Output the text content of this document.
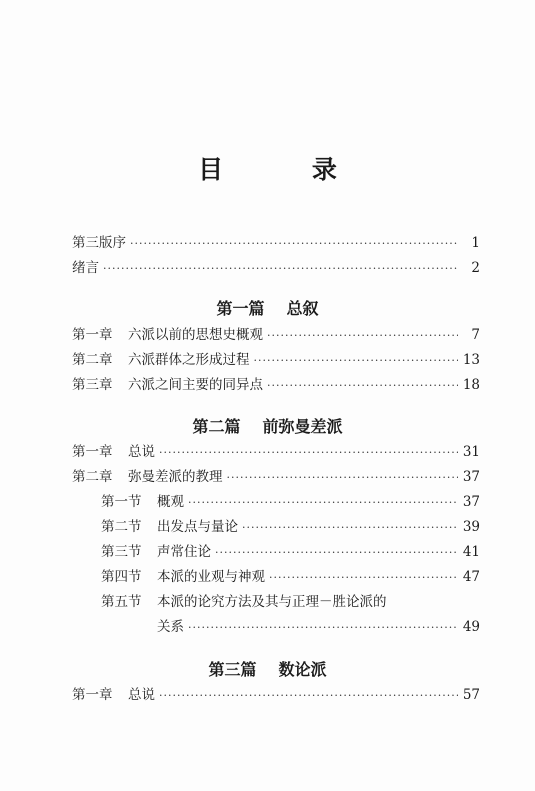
目 录
第三版序 ·····	1
绪言 ·····	2
第一篇 总叙
第一章	六派以前的思想史概观 ·····	7
第二章	六派群体之形成过程 ·····	13
第三章	六派之间主要的同异点 ·····	18
第二篇 前弥曼差派
第一章	总说 ·····	31
第二章	弥曼差派的教理 ·····	37
第一节	概观 ·····	37
第二节	出发点与量论 ·····	39
第三节	声常住论 ·····	41
第四节	本派的业观与神观 ·····	47
第五节	本派的论究方法及其与正理－胜论派的
关系 ·····	49
第三篇 数论派
第一章	总说 ·····	57
